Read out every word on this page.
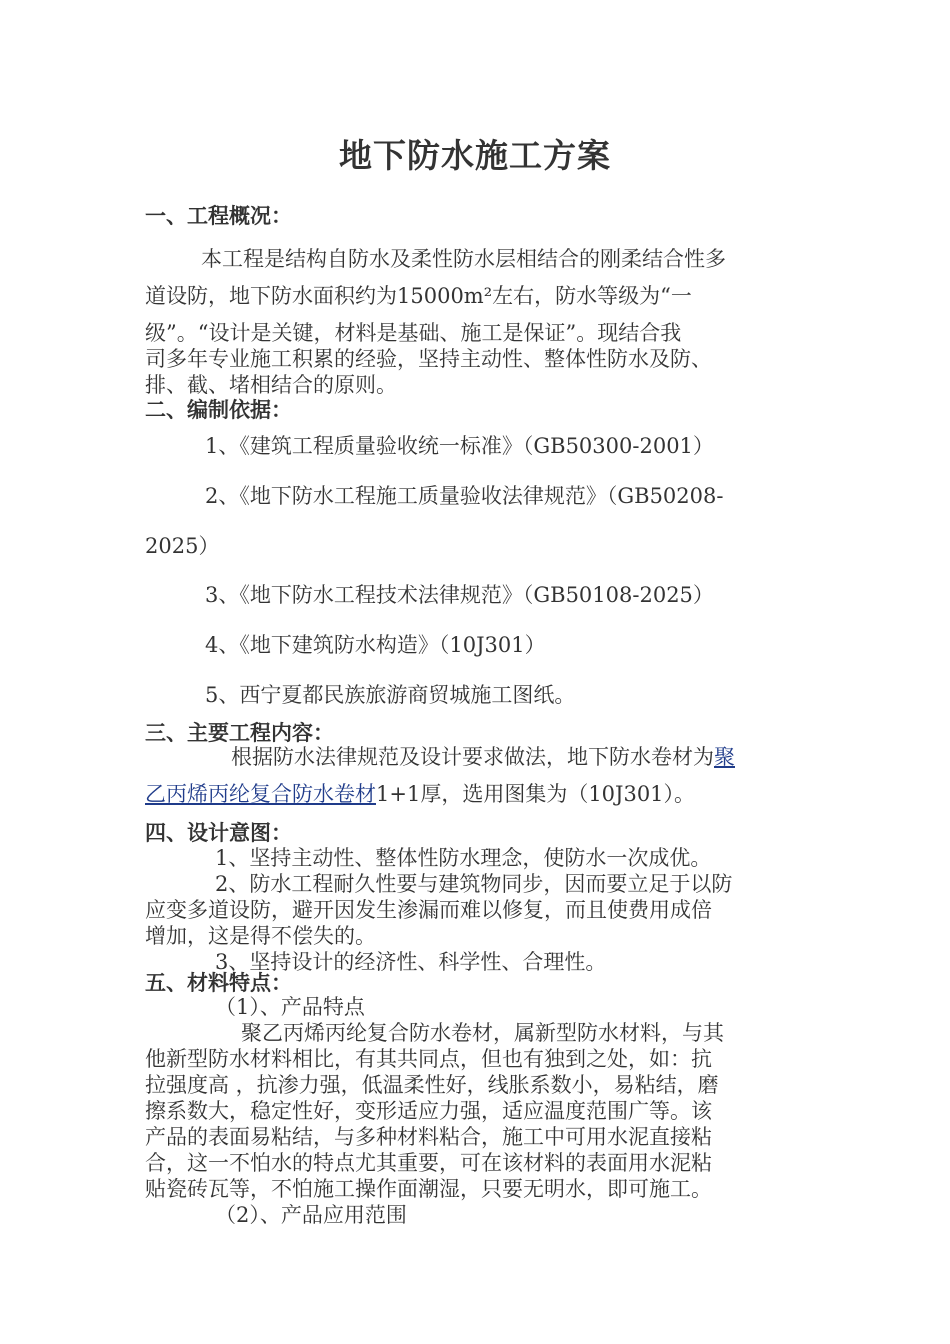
地下防水施工方案
一、工程概况：
本工程是结构自防水及柔性防水层相结合的刚柔结合性多
道设防，地下防水面积约为15000m²左右，防水等级为“一
级”。“设计是关键，材料是基础、施工是保证”。现结合我
司多年专业施工积累的经验，坚持主动性、整体性防水及防、
排、截、堵相结合的原则。
二、编制依据：
1、《建筑工程质量验收统一标准》（GB50300-2001）
2、《地下防水工程施工质量验收法律规范》（GB50208-
2025）
3、《地下防水工程技术法律规范》（GB50108-2025）
4、《地下建筑防水构造》（10J301）
5、西宁夏都民族旅游商贸城施工图纸。
三、主要工程内容：
根据防水法律规范及设计要求做法，地下防水卷材为聚
乙丙烯丙纶复合防水卷材1+1厚，选用图集为（10J301）。
四、设计意图：
1、坚持主动性、整体性防水理念，使防水一次成优。
2、防水工程耐久性要与建筑物同步，因而要立足于以防
应变多道设防，避开因发生渗漏而难以修复，而且使费用成倍
增加，这是得不偿失的。
3、坚持设计的经济性、科学性、合理性。
五、材料特点：
（1）、产品特点
聚乙丙烯丙纶复合防水卷材，属新型防水材料，与其
他新型防水材料相比，有其共同点，但也有独到之处，如：抗
拉强度高 ，抗渗力强，低温柔性好，线胀系数小，易粘结，磨
擦系数大，稳定性好，变形适应力强，适应温度范围广等。该
产品的表面易粘结，与多种材料粘合，施工中可用水泥直接粘
合，这一不怕水的特点尤其重要，可在该材料的表面用水泥粘
贴瓷砖瓦等，不怕施工操作面潮湿，只要无明水，即可施工。
（2）、产品应用范围
